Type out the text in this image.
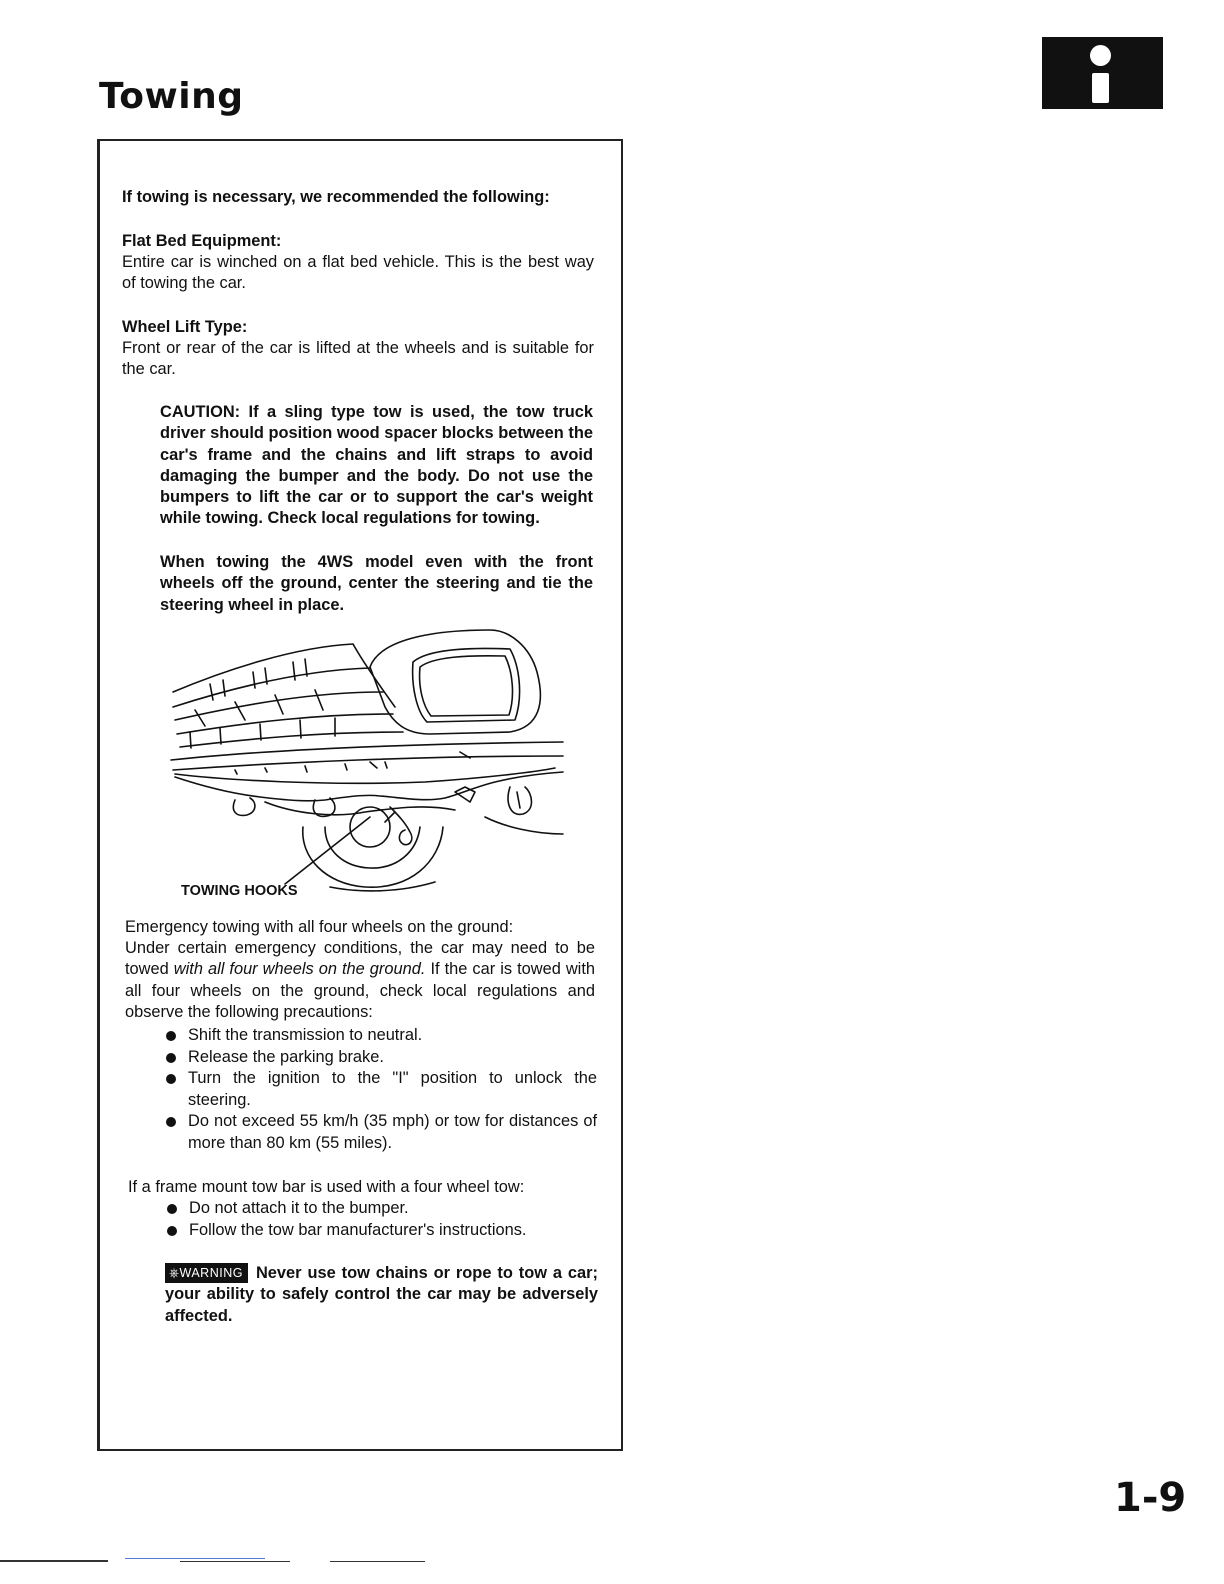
Towing

If towing is necessary, we recommended the following:

Flat Bed Equipment:

Entire car is winched on a flat bed vehicle. This is the best way of towing the car.

Wheel Lift Type:

Front or rear of the car is lifted at the wheels and is suitable for the car.

CAUTION: If a sling type tow is used, the tow truck driver should position wood spacer blocks between the car's frame and the chains and lift straps to avoid damaging the bumper and the body. Do not use the bumpers to lift the car or to support the car's weight while towing. Check local regulations for towing.

When towing the 4WS model even with the front wheels off the ground, center the steering and tie the steering wheel in place.

TOWING HOOKS

Emergency towing with all four wheels on the ground:

Under certain emergency conditions, the car may need to be towed with all four wheels on the ground. If the car is towed with all four wheels on the ground, check local regulations and observe the following precautions:

Shift the transmission to neutral.
Release the parking brake.
Turn the ignition to the "I" position to unlock the steering.
Do not exceed 55 km/h (35 mph) or tow for distances of more than 80 km (55 miles).

If a frame mount tow bar is used with a four wheel tow:

Do not attach it to the bumper.
Follow the tow bar manufacturer's instructions.

⎈WARNING Never use tow chains or rope to tow a car; your ability to safely control the car may be adversely affected.

1-9
